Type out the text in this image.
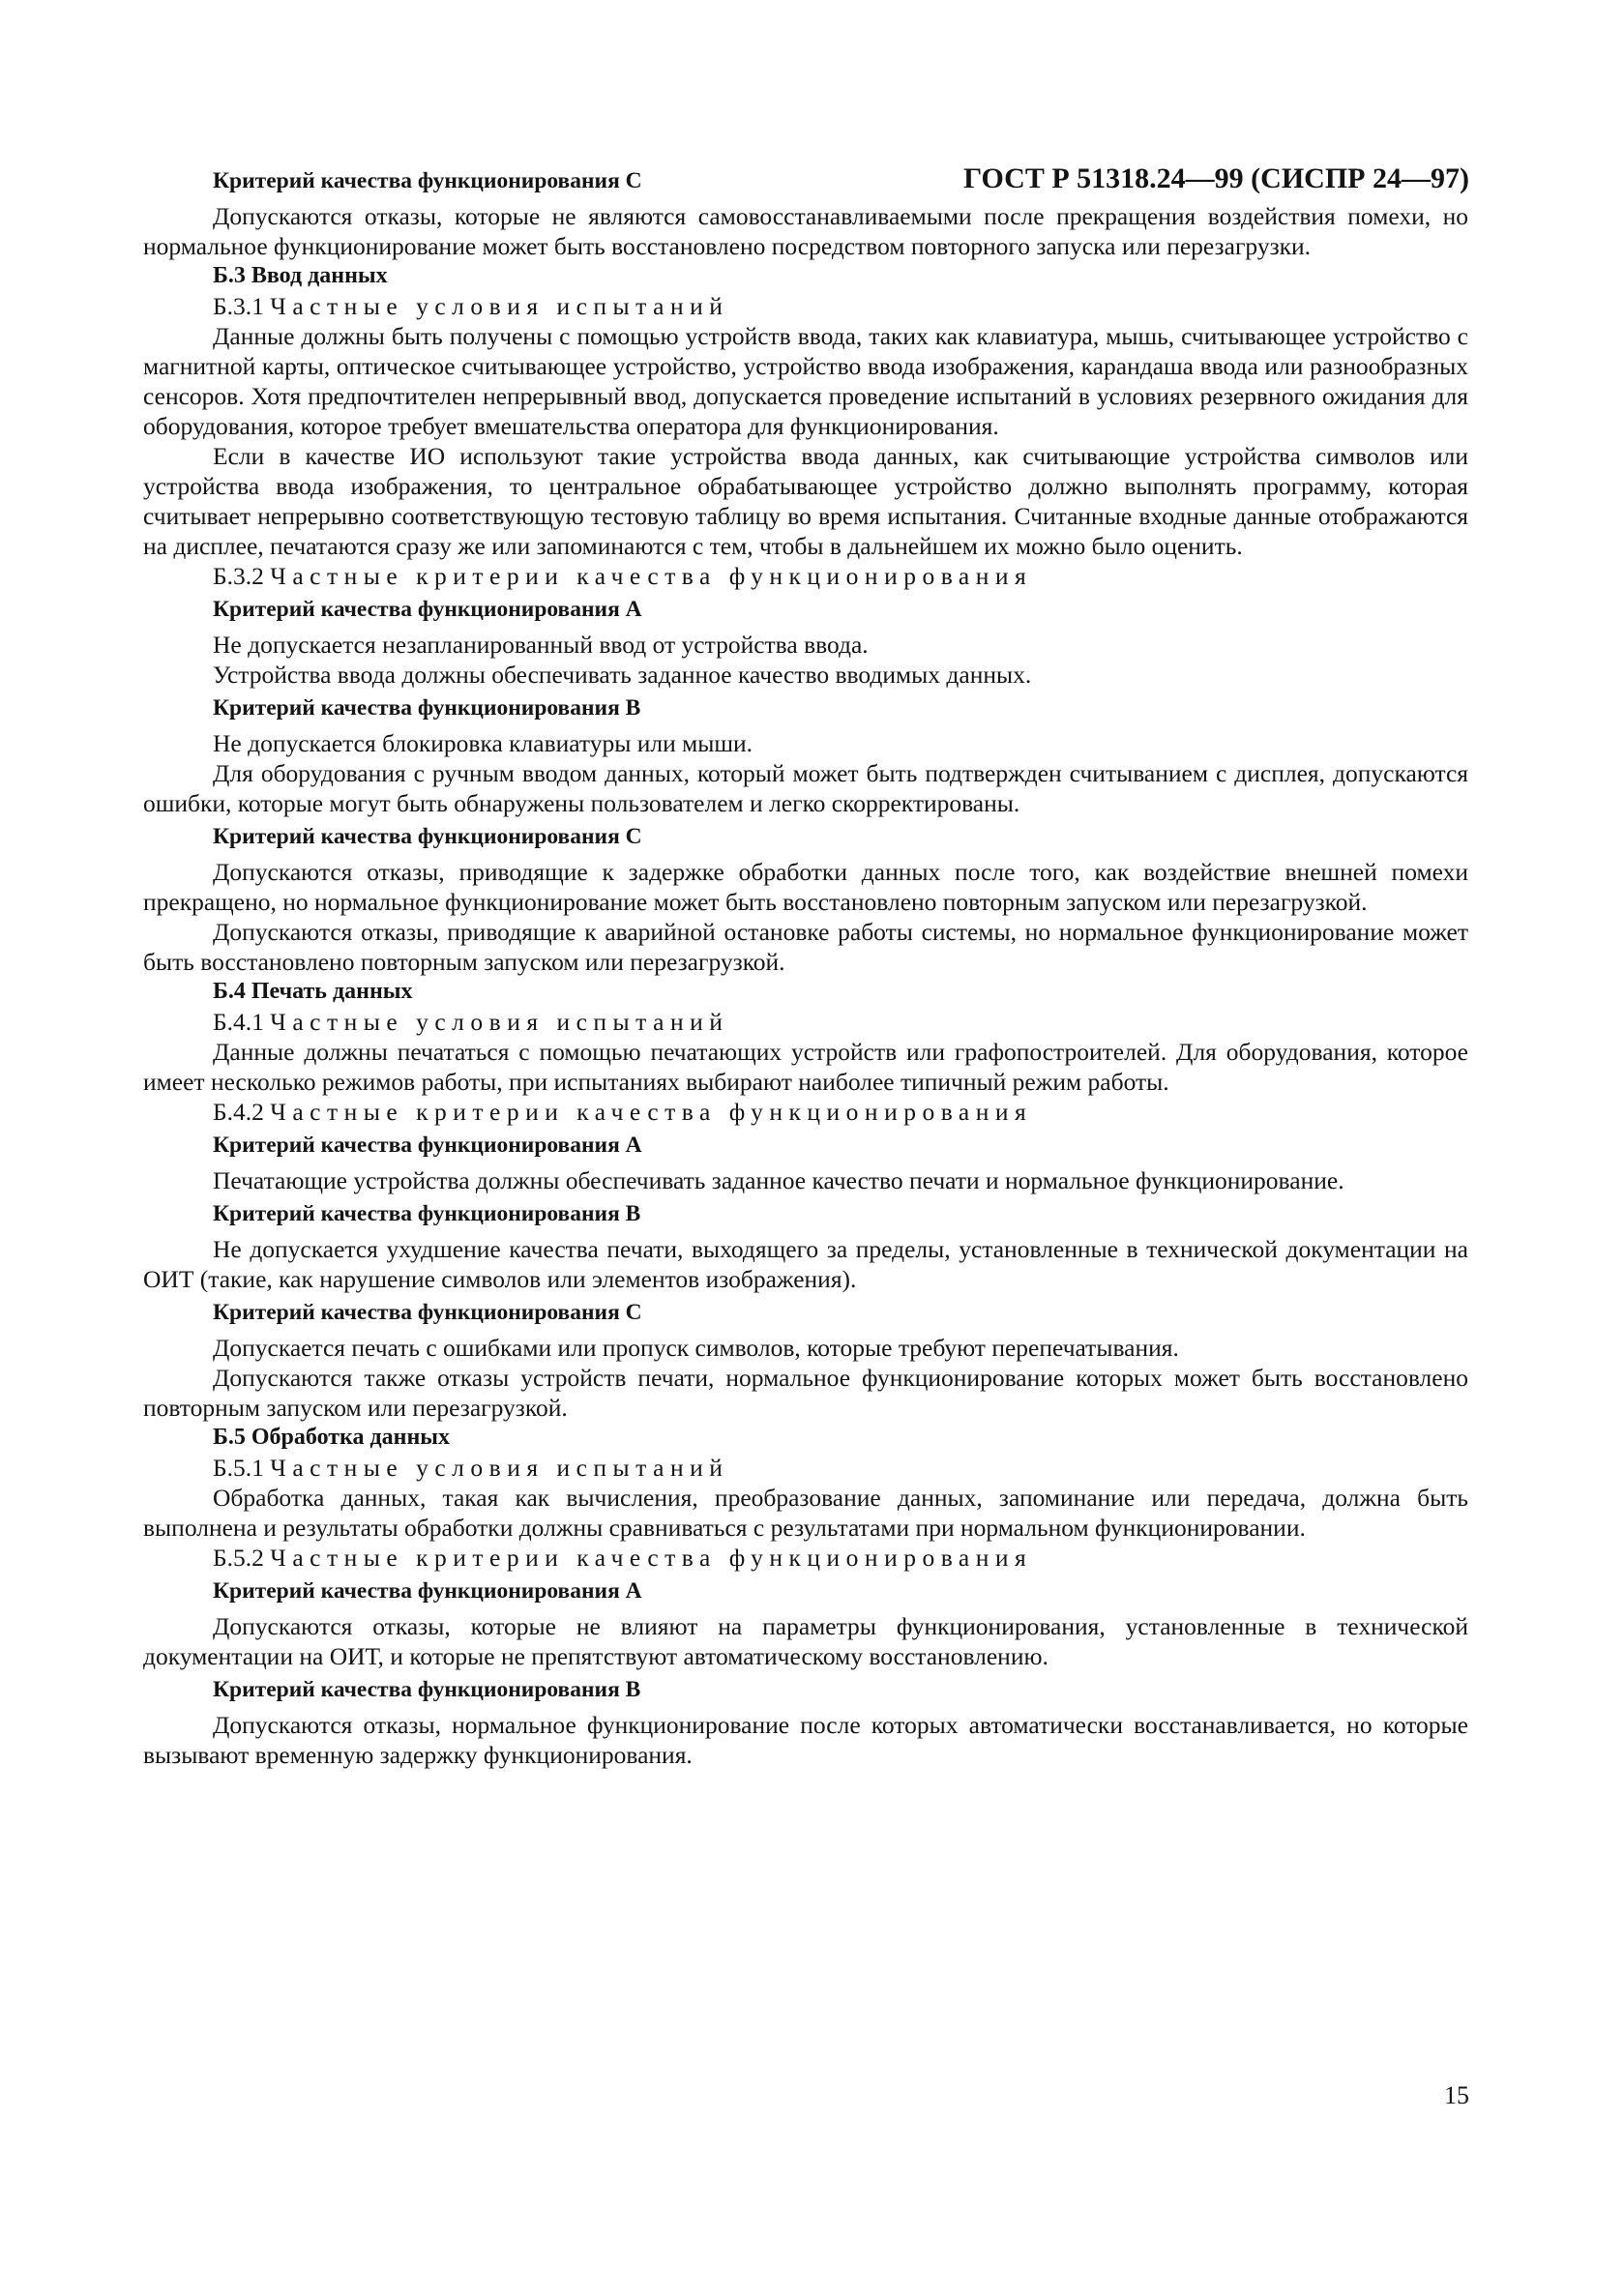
ГОСТ Р 51318.24—99 (СИСПР 24—97)

Критерий качества функционирования С

Допускаются отказы, которые не являются самовосстанавливаемыми после прекращения воздействия помехи, но нормальное функционирование может быть восстановлено посредством повторного запуска или перезагрузки.

Б.3 Ввод данных

Б.3.1 Частные условия испытаний

Данные должны быть получены с помощью устройств ввода, таких как клавиатура, мышь, считывающее устройство с магнитной карты, оптическое считывающее устройство, устройство ввода изображения, карандаша ввода или разнообразных сенсоров. Хотя предпочтителен непрерывный ввод, допускается проведение испытаний в условиях резервного ожидания для оборудования, которое требует вмешательства оператора для функционирования.

Если в качестве ИО используют такие устройства ввода данных, как считывающие устройства символов или устройства ввода изображения, то центральное обрабатывающее устройство должно выполнять программу, которая считывает непрерывно соответствующую тестовую таблицу во время испытания. Считанные входные данные отображаются на дисплее, печатаются сразу же или запоминаются с тем, чтобы в дальнейшем их можно было оценить.

Б.3.2 Частные критерии качества функционирования

Критерий качества функционирования А

Не допускается незапланированный ввод от устройства ввода.

Устройства ввода должны обеспечивать заданное качество вводимых данных.

Критерий качества функционирования В

Не допускается блокировка клавиатуры или мыши.

Для оборудования с ручным вводом данных, который может быть подтвержден считыванием с дисплея, допускаются ошибки, которые могут быть обнаружены пользователем и легко скорректированы.

Критерий качества функционирования С

Допускаются отказы, приводящие к задержке обработки данных после того, как воздействие внешней помехи прекращено, но нормальное функционирование может быть восстановлено повторным запуском или перезагрузкой.

Допускаются отказы, приводящие к аварийной остановке работы системы, но нормальное функционирование может быть восстановлено повторным запуском или перезагрузкой.

Б.4 Печать данных

Б.4.1 Частные условия испытаний

Данные должны печататься с помощью печатающих устройств или графопостроителей. Для оборудования, которое имеет несколько режимов работы, при испытаниях выбирают наиболее типичный режим работы.

Б.4.2 Частные критерии качества функционирования

Критерий качества функционирования А

Печатающие устройства должны обеспечивать заданное качество печати и нормальное функционирование.

Критерий качества функционирования В

Не допускается ухудшение качества печати, выходящего за пределы, установленные в технической документации на ОИТ (такие, как нарушение символов или элементов изображения).

Критерий качества функционирования С

Допускается печать с ошибками или пропуск символов, которые требуют перепечатывания.

Допускаются также отказы устройств печати, нормальное функционирование которых может быть восстановлено повторным запуском или перезагрузкой.

Б.5 Обработка данных

Б.5.1 Частные условия испытаний

Обработка данных, такая как вычисления, преобразование данных, запоминание или передача, должна быть выполнена и результаты обработки должны сравниваться с результатами при нормальном функционировании.

Б.5.2 Частные критерии качества функционирования

Критерий качества функционирования А

Допускаются отказы, которые не влияют на параметры функционирования, установленные в технической документации на ОИТ, и которые не препятствуют автоматическому восстановлению.

Критерий качества функционирования В

Допускаются отказы, нормальное функционирование после которых автоматически восстанавливается, но которые вызывают временную задержку функционирования.

15
